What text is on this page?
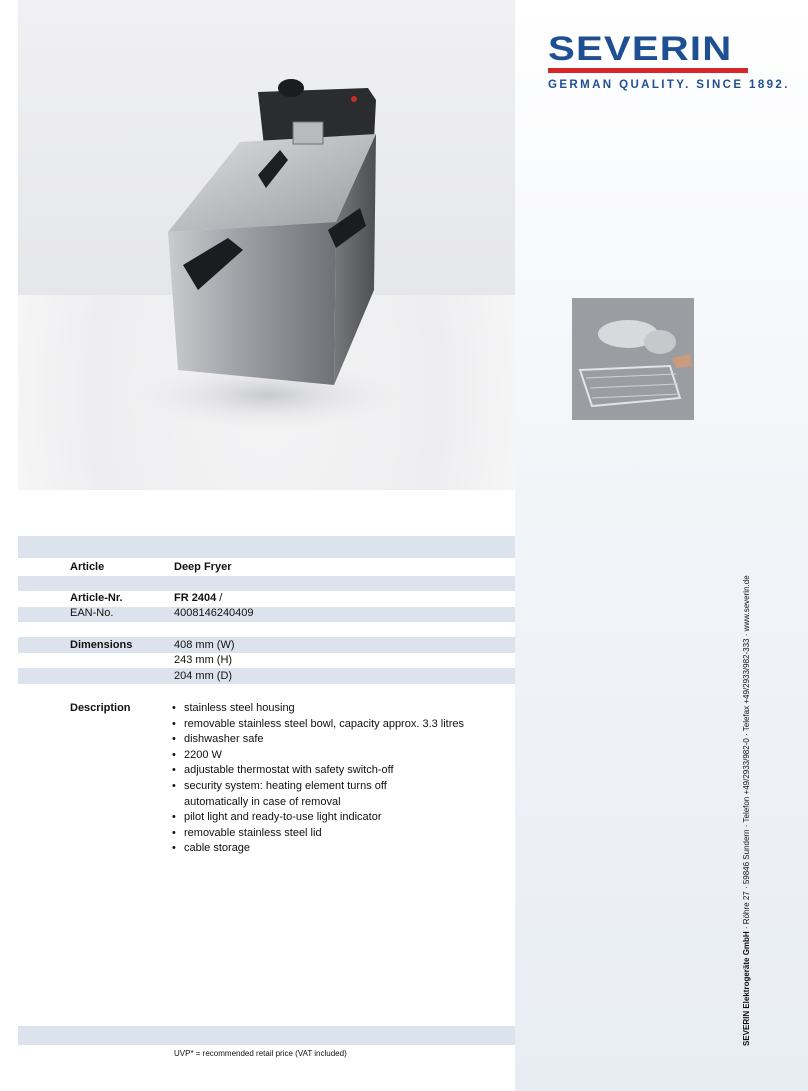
SEVERIN
GERMAN QUALITY. SINCE 1892.
Article	Deep Fryer
Article-Nr.	FR 2404 /
EAN-No.	4008146240409
Dimensions	408 mm (W)
243 mm (H)
204 mm (D)
Description
•	stainless steel housing
• removable stainless steel bowl, capacity approx. 3.3 litres
• dishwasher safe
• 2200 W
• adjustable thermostat with safety switch-off
• security system: heating element turns off automatically in case of removal
• pilot light and ready-to-use light indicator
• removable stainless steel lid
• cable storage
SEVERIN Elektrogeräte GmbH · Röhre 27 · 59846 Sundern · Telefon +49/2933/982-0 · Telefax +49/2933/982-333 · www.severin.de
UVP* = recommended retail price (VAT included)
